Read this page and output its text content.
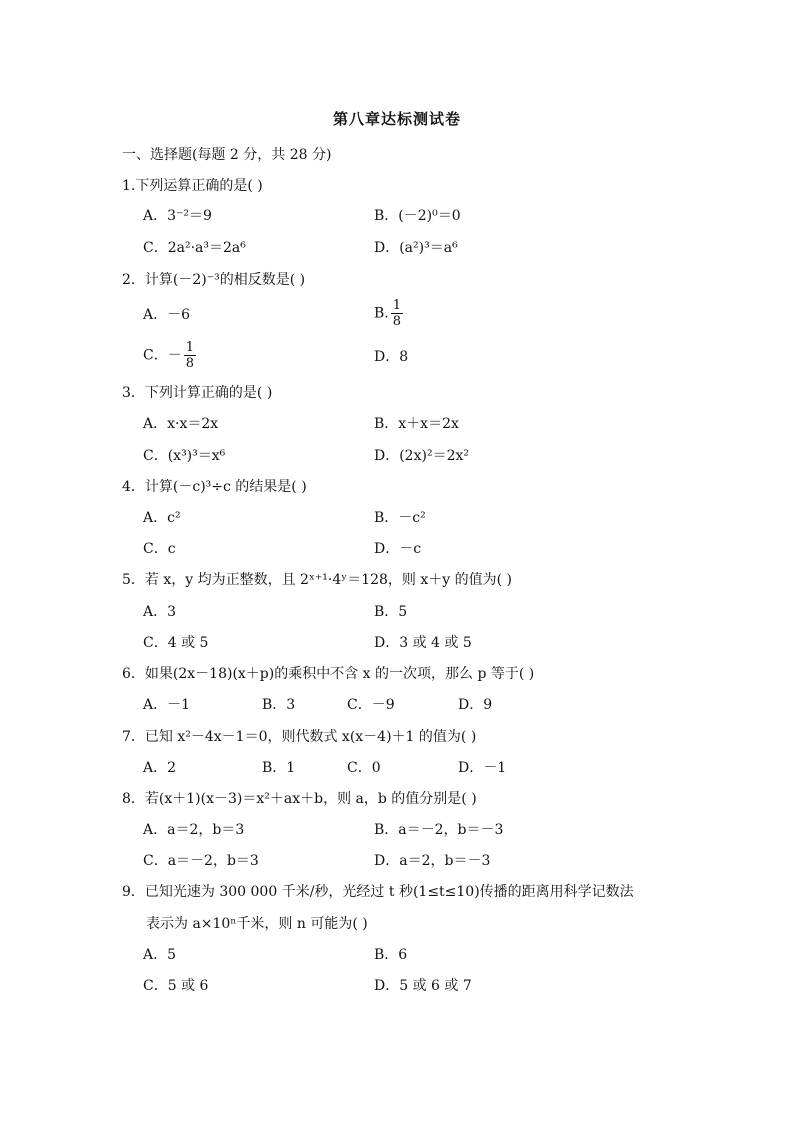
第八章达标测试卷
一、选择题(每题 2 分，共 28 分)
1.下列运算正确的是( )
A．3⁻²＝9	B．(－2)⁰＝0
C．2a²·a³＝2a⁶	D．(a²)³＝a⁶
2．计算(－2)⁻³的相反数是( )
A．－6	B. $\frac{1}{8}$
C．－ $\frac{1}{8}$	D．8
3．下列计算正确的是( )
A．x·x＝2x	B．x＋x＝2x
C．(x³)³＝x⁶	D．(2x)²＝2x²
4．计算(－c)³÷c 的结果是( )
A．c²	B．－c²
C．c	D．－c
5．若 x，y 均为正整数，且 2ˣ⁺¹·4ʸ＝128，则 x＋y 的值为( )
A．3	B．5
C．4 或 5	D．3 或 4 或 5
6．如果(2x－18)(x＋p)的乘积中不含 x 的一次项，那么 p 等于( )
A．－1	B．3	C．－9	D．9
7．已知 x²－4x－1＝0，则代数式 x(x－4)＋1 的值为( )
A．2	B．1	C．0	D．－1
8．若(x＋1)(x－3)＝x²＋ax＋b，则 a，b 的值分别是( )
A．a＝2，b＝3	B．a＝－2，b＝－3
C．a＝－2，b＝3	D．a＝2，b＝－3
9．已知光速为 300 000 千米/秒，光经过 t 秒(1≤t≤10)传播的距离用科学记数法
表示为 a×10ⁿ千米，则 n 可能为( )
A．5	B．6
C．5 或 6	D．5 或 6 或 7
